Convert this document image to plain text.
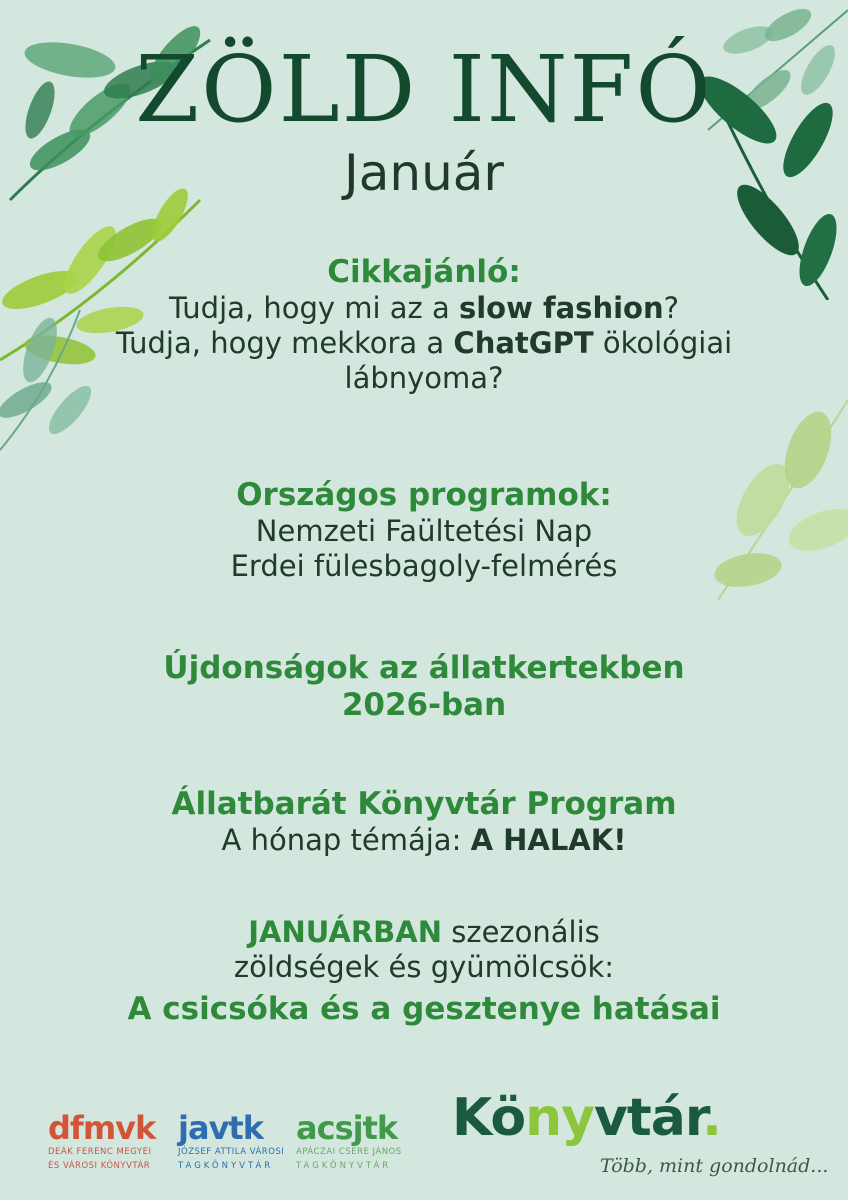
ZÖLD INFÓ
Január
Cikkajánló:
Tudja, hogy mi az a slow fashion?
Tudja, hogy mekkora a ChatGPT ökológiai
lábnyoma?
Országos programok:
Nemzeti Faültetési Nap
Erdei fülesbagoly-felmérés
Újdonságok az állatkertekben
2026-ban
Állatbarát Könyvtár Program
A hónap témája: A HALAK!
JANUÁRBAN szezonális
zöldségek és gyümölcsök:
A csicsóka és a gesztenye hatásai
dfmvk
DEÁK FERENC MEGYEI
ÉS VÁROSI KÖNYVTÁR
javtk
JÓZSEF ATTILA VÁROSI
TAGKÖNYVTÁR
acsjtk
APÁCZAI CSERE JÁNOS
TAGKÖNYVTÁR
Könyvtár.
Több, mint gondolnád...
